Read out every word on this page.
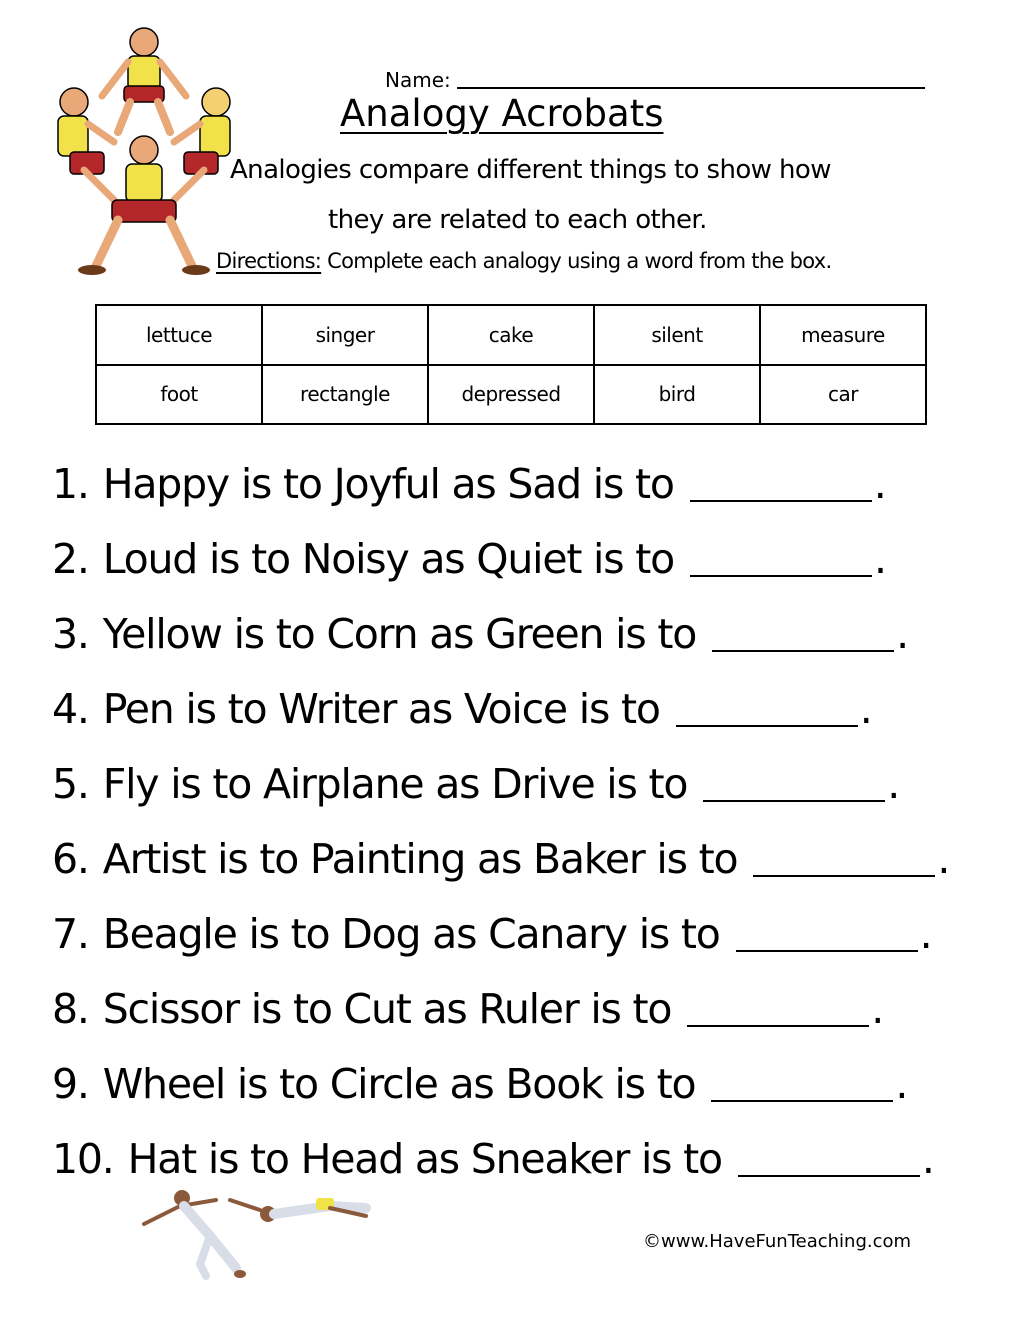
Name:
Analogy Acrobats
Analogies compare different things to show how
they are related to each other.
Directions: Complete each analogy using a word from the box.
lettuce	singer	cake	silent	measure
foot	rectangle	depressed	bird	car
1. Happy is to Joyful as Sad is to	.
2. Loud is to Noisy as Quiet is to	.
3. Yellow is to Corn as Green is to	.
4. Pen is to Writer as Voice is to	.
5. Fly is to Airplane as Drive is to	.
6. Artist is to Painting as Baker is to	.
7. Beagle is to Dog as Canary is to	.
8. Scissor is to Cut as Ruler is to	.
9. Wheel is to Circle as Book is to	.
10. Hat is to Head as Sneaker is to	.
©www.HaveFunTeaching.com
